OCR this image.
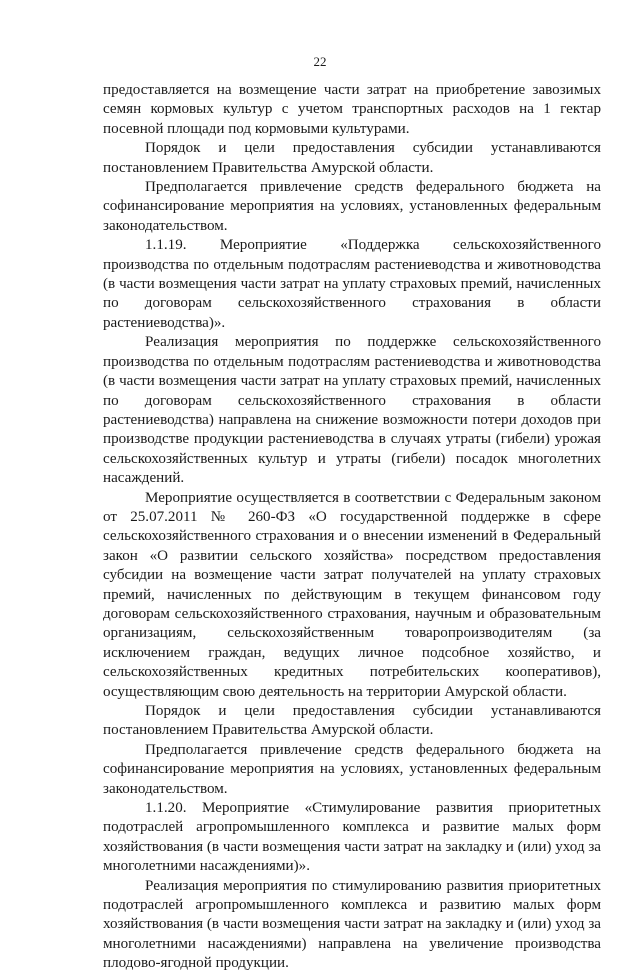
22

предоставляется на возмещение части затрат на приобретение завозимых семян кормовых культур с учетом транспортных расходов на 1 гектар посевной площади под кормовыми культурами.

Порядок и цели предоставления субсидии устанавливаются постановлением Правительства Амурской области.

Предполагается привлечение средств федерального бюджета на софинансирование мероприятия на условиях, установленных федеральным законодательством.

1.1.19. Мероприятие «Поддержка сельскохозяйственного производства по отдельным подотраслям растениеводства и животноводства (в части возмещения части затрат на уплату страховых премий, начисленных по договорам сельскохозяйственного страхования в области растениеводства)».

Реализация мероприятия по поддержке сельскохозяйственного производства по отдельным подотраслям растениеводства и животноводства (в части возмещения части затрат на уплату страховых премий, начисленных по договорам сельскохозяйственного страхования в области растениеводства) направлена на снижение возможности потери доходов при производстве продукции растениеводства в случаях утраты (гибели) урожая сельскохозяйственных культур и утраты (гибели) посадок многолетних насаждений.

Мероприятие осуществляется в соответствии с Федеральным законом от 25.07.2011 № 260-ФЗ «О государственной поддержке в сфере сельскохозяйственного страхования и о внесении изменений в Федеральный закон «О развитии сельского хозяйства» посредством предоставления субсидии на возмещение части затрат получателей на уплату страховых премий, начисленных по действующим в текущем финансовом году договорам сельскохозяйственного страхования, научным и образовательным организациям, сельскохозяйственным товаропроизводителям (за исключением граждан, ведущих личное подсобное хозяйство, и сельскохозяйственных кредитных потребительских кооперативов), осуществляющим свою деятельность на территории Амурской области.

Порядок и цели предоставления субсидии устанавливаются постановлением Правительства Амурской области.

Предполагается привлечение средств федерального бюджета на софинансирование мероприятия на условиях, установленных федеральным законодательством.

1.1.20. Мероприятие «Стимулирование развития приоритетных подотраслей агропромышленного комплекса и развитие малых форм хозяйствования (в части возмещения части затрат на закладку и (или) уход за многолетними насаждениями)».

Реализация мероприятия по стимулированию развития приоритетных подотраслей агропромышленного комплекса и развитию малых форм хозяйствования (в части возмещения части затрат на закладку и (или) уход за многолетними насаждениями) направлена на увеличение производства плодово-ягодной продукции.
